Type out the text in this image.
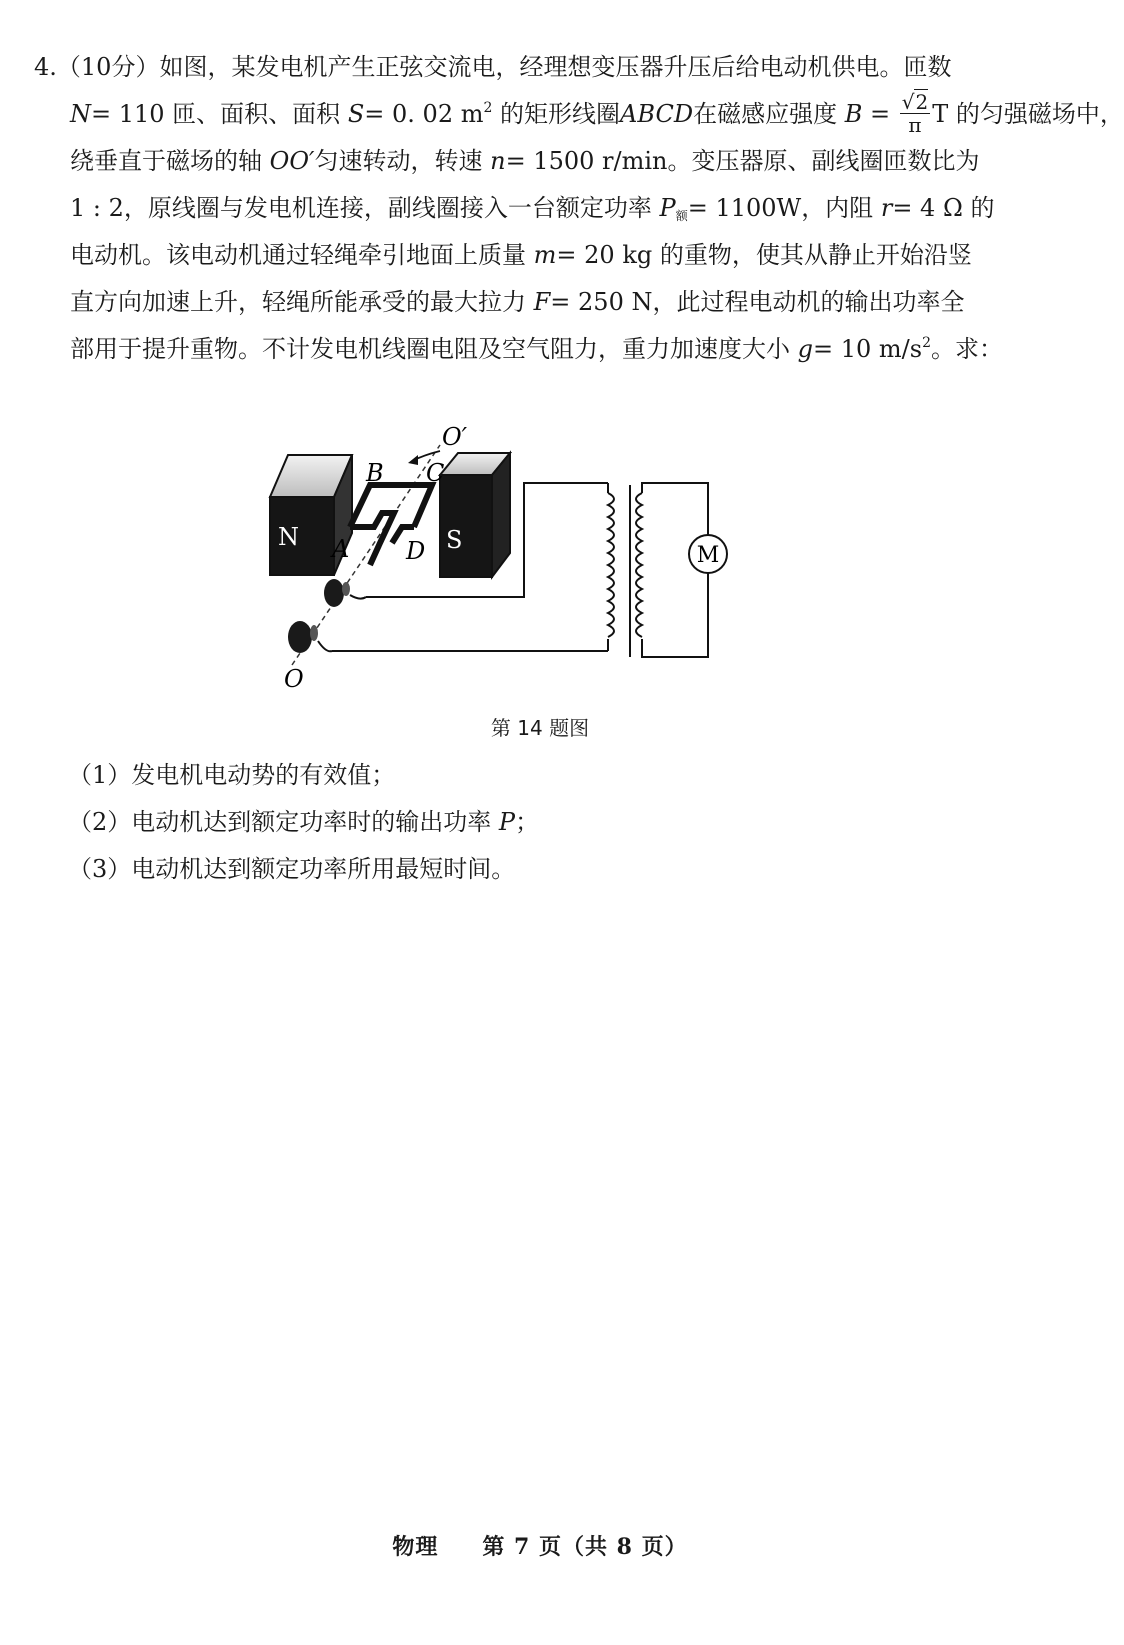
4.（10分）如图，某发电机产生正弦交流电，经理想变压器升压后给电动机供电。匝数
N= 110 匝、面积、面积 S= 0. 02 $m^2$ 的矩形线圈ABCD在磁感应强度 $B = \frac{√2}{\pi}$ T 的匀强磁场中，
绕垂直于磁场的轴 OO′匀速转动，转速 n= 1500 r/min。变压器原、副线圈匝数比为
1 : 2，原线圈与发电机连接，副线圈接入一台额定功率 $P_额= 1100W$，内阻 r= 4 Ω 的
电动机。该电动机通过轻绳牵引地面上质量 m= 20 kg 的重物，使其从静止开始沿竖
直方向加速上升，轻绳所能承受的最大拉力 F= 250 N，此过程电动机的输出功率全
部用于提升重物。不计发电机线圈电阻及空气阻力，重力加速度大小 g= 10 $m/s^2$。求：
N	S
B C
A D
O′
O
M
第 14 题图
（1）发电机电动势的有效值；
（2）电动机达到额定功率时的输出功率 P；
（3）电动机达到额定功率所用最短时间。
物理 第 7 页（共 8 页）
